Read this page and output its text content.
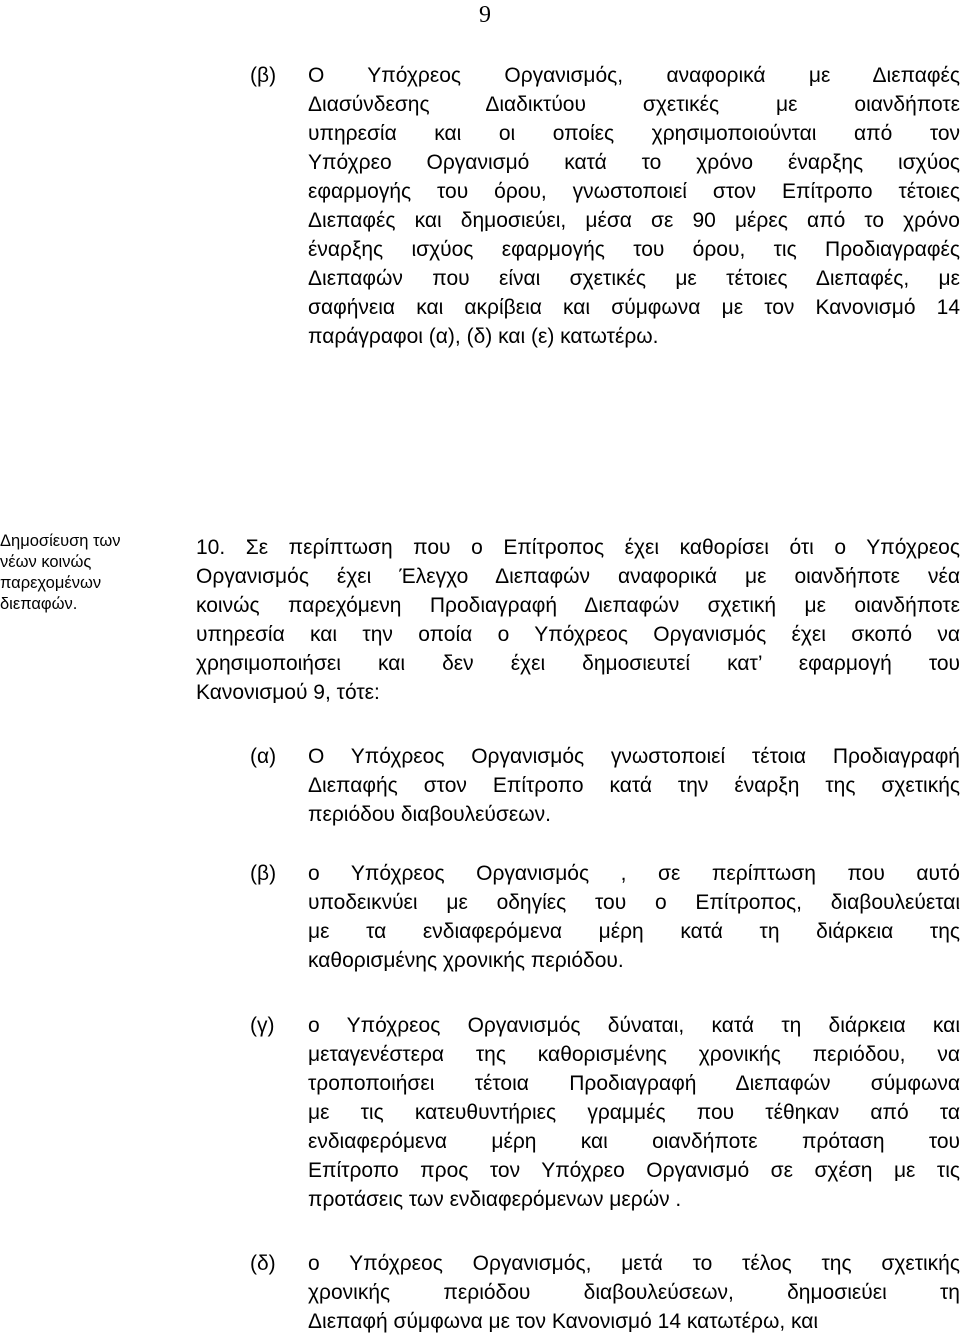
9
(β) Ο Υπόχρεος Οργανισμός, αναφορικά με Διεπαφές
Διασύνδεσης Διαδικτύου σχετικές με οιανδήποτε
υπηρεσία και οι οποίες χρησιμοποιούνται από τον
Υπόχρεο Οργανισμό κατά το χρόνο έναρξης ισχύος
εφαρμογής του όρου, γνωστοποιεί στον Επίτροπο τέτοιες
Διεπαφές και δημοσιεύει, μέσα σε 90 μέρες από το χρόνο
έναρξης ισχύος εφαρμογής του όρου, τις Προδιαγραφές
Διεπαφών που είναι σχετικές με τέτοιες Διεπαφές, με
σαφήνεια και ακρίβεια και σύμφωνα με τον Κανονισμό 14
παράγραφοι (α), (δ) και (ε) κατωτέρω.
Δημοσίευση των
νέων κοινώς
παρεχομένων
διεπαφών.
10. Σε περίπτωση που ο Επίτροπος έχει καθορίσει ότι ο Υπόχρεος
Οργανισμός έχει Έλεγχο Διεπαφών αναφορικά με οιανδήποτε νέα
κοινώς παρεχόμενη Προδιαγραφή Διεπαφών σχετική με οιανδήποτε
υπηρεσία και την οποία ο Υπόχρεος Οργανισμός έχει σκοπό να
χρησιμοποιήσει και δεν έχει δημοσιευτεί κατ’ εφαρμογή του
Κανονισμού 9, τότε:
(α) Ο Υπόχρεος Οργανισμός γνωστοποιεί τέτοια Προδιαγραφή
Διεπαφής στον Επίτροπο κατά την έναρξη της σχετικής
περιόδου διαβουλεύσεων.
(β) ο Υπόχρεος Οργανισμός , σε περίπτωση που αυτό
υποδεικνύει με οδηγίες του ο Επίτροπος, διαβουλεύεται
με τα ενδιαφερόμενα μέρη κατά τη διάρκεια της
καθορισμένης χρονικής περιόδου.
(γ) ο Υπόχρεος Οργανισμός δύναται, κατά τη διάρκεια και
μεταγενέστερα της καθορισμένης χρονικής περιόδου, να
τροποποιήσει τέτοια Προδιαγραφή Διεπαφών σύμφωνα
με τις κατευθυντήριες γραμμές που τέθηκαν από τα
ενδιαφερόμενα μέρη και οιανδήποτε πρόταση του
Επίτροπο προς τον Υπόχρεο Οργανισμό σε σχέση με τις
προτάσεις των ενδιαφερόμενων μερών .
(δ) ο Υπόχρεος Οργανισμός, μετά το τέλος της σχετικής
χρονικής περιόδου διαβουλεύσεων, δημοσιεύει τη
Διεπαφή σύμφωνα με τον Κανονισμό 14 κατωτέρω, και
